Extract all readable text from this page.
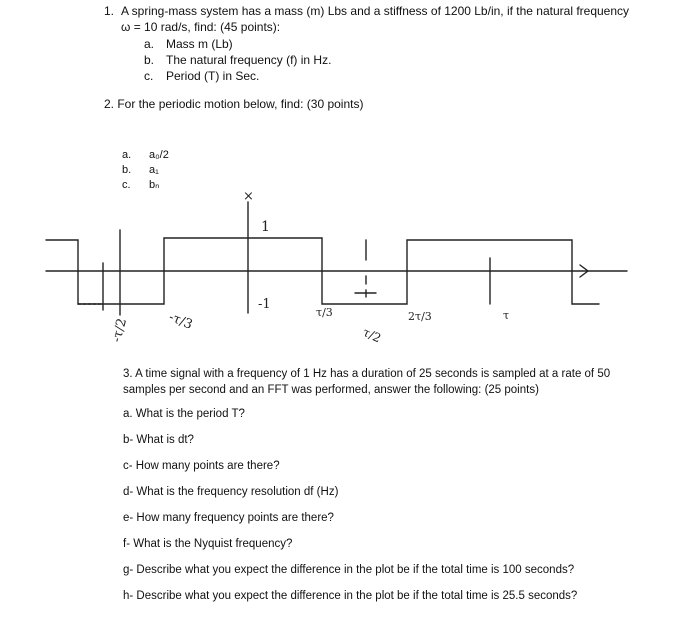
1. A spring-mass system has a mass (m) Lbs and a stiffness of 1200 Lb/in, if the natural frequency
ω = 10 rad/s, find: (45 points):
a. Mass m (Lb)
b. The natural frequency (f) in Hz.
c. Period (T) in Sec.
2. For the periodic motion below, find: (30 points)
a. a₀/2
b. a₁
c. bₙ
×
1
-1
-τ/2	-τ/3	τ/3
τ/2
2τ/3	τ
3. A time signal with a frequency of 1 Hz has a duration of 25 seconds is sampled at a rate of 50
samples per second and an FFT was performed, answer the following: (25 points)
a. What is the period T?
b- What is dt?
c- How many points are there?
d- What is the frequency resolution df (Hz)
e- How many frequency points are there?
f- What is the Nyquist frequency?
g- Describe what you expect the difference in the plot be if the total time is 100 seconds?
h- Describe what you expect the difference in the plot be if the total time is 25.5 seconds?
